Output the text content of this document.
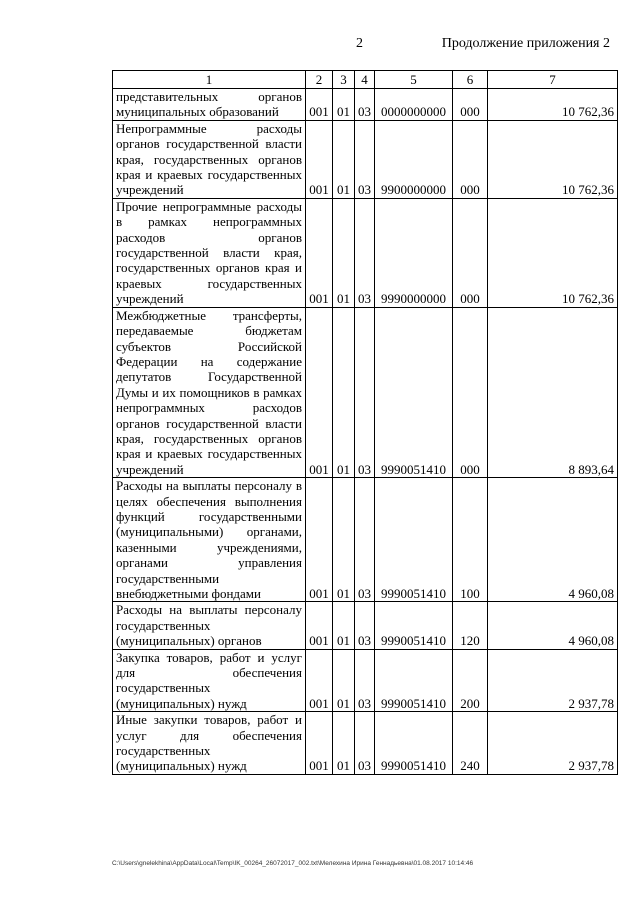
2	Продолжение приложения 2
1	2	3	4	5	6	7
представительных органов муниципальных образований	001	01	03	0000000000	000	10 762,36
Непрограммные расходы органов государственной власти края, государственных органов края и краевых государственных учреждений	001	01	03	9900000000	000	10 762,36
Прочие непрограммные расходы в рамках непрограммных расходов органов государственной власти края, государственных органов края и краевых государственных учреждений	001	01	03	9990000000	000	10 762,36
Межбюджетные трансферты, передаваемые бюджетам субъектов Российской Федерации на содержание депутатов Государственной Думы и их помощников в рамках непрограммных расходов органов государственной власти края, государственных органов края и краевых государственных учреждений	001	01	03	9990051410	000	8 893,64
Расходы на выплаты персоналу в целях обеспечения выполнения функций государственными (муниципальными) органами, казенными учреждениями, органами управления государственными внебюджетными фондами	001	01	03	9990051410	100	4 960,08
Расходы на выплаты персоналу государственных (муниципальных) органов	001	01	03	9990051410	120	4 960,08
Закупка товаров, работ и услуг для обеспечения государственных (муниципальных) нужд	001	01	03	9990051410	200	2 937,78
Иные закупки товаров, работ и услуг для обеспечения государственных (муниципальных) нужд	001	01	03	9990051410	240	2 937,78
C:\Users\gnelekhina\AppData\Local\Temp\IK_00264_26072017_002.txt\Мелехина Ирина Геннадьевна\01.08.2017 10:14:46
